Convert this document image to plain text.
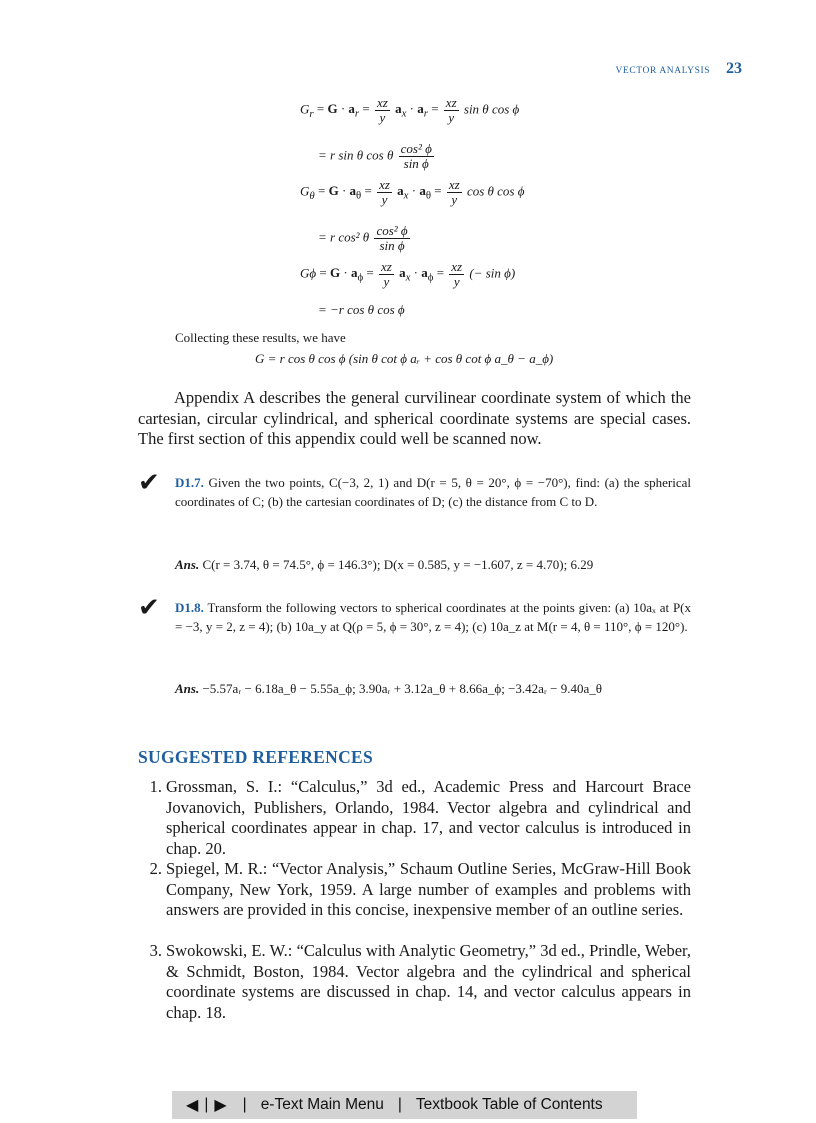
VECTOR ANALYSIS 23
$G_r = G \cdot a_r = \frac{xz}{y} a_x \cdot a_r = \frac{xz}{y}$ sin θ cos ϕ
= r sin θ cos θ $\frac{\text{cos² ϕ}}{\text{sin ϕ}}$
$G_\theta = G \cdot a_\theta = \frac{xz}{y} a_x \cdot a_\theta = \frac{xz}{y}$ cos θ cos ϕ
= r cos² θ $\frac{\text{cos² ϕ}}{\text{sin ϕ}}$
$G\phi = G \cdot a_\phi = \frac{xz}{y} a_x \cdot a_\phi = \frac{xz}{y}$ (− sin ϕ)
= −r cos θ cos ϕ
Collecting these results, we have
G = r cos θ cos ϕ (sin θ cot ϕ aᵣ + cos θ cot ϕ a_θ − a_ϕ)
Appendix A describes the general curvilinear coordinate system of which the cartesian, circular cylindrical, and spherical coordinate systems are special cases. The first section of this appendix could well be scanned now.
✔ D1.7. Given the two points, C(−3, 2, 1) and D(r = 5, θ = 20°, ϕ = −70°), find: (a) the spherical coordinates of C; (b) the cartesian coordinates of D; (c) the distance from C to D.
Ans. C(r = 3.74, θ = 74.5°, ϕ = 146.3°); D(x = 0.585, y = −1.607, z = 4.70); 6.29
✔ D1.8. Transform the following vectors to spherical coordinates at the points given: (a) 10aₓ at P(x = −3, y = 2, z = 4); (b) 10a_y at Q(ρ = 5, ϕ = 30°, z = 4); (c) 10a_z at M(r = 4, θ = 110°, ϕ = 120°).
Ans. −5.57aᵣ − 6.18a_θ − 5.55a_ϕ; 3.90aᵣ + 3.12a_θ + 8.66a_ϕ; −3.42aᵣ − 9.40a_θ
SUGGESTED REFERENCES
1. Grossman, S. I.: “Calculus,” 3d ed., Academic Press and Harcourt Brace Jovanovich, Publishers, Orlando, 1984. Vector algebra and cylindrical and spherical coordinates appear in chap. 17, and vector calculus is introduced in chap. 20.
2. Spiegel, M. R.: “Vector Analysis,” Schaum Outline Series, McGraw-Hill Book Company, New York, 1959. A large number of examples and problems with answers are provided in this concise, inexpensive member of an outline series.
3. Swokowski, E. W.: “Calculus with Analytic Geometry,” 3d ed., Prindle, Weber, & Schmidt, Boston, 1984. Vector algebra and the cylindrical and spherical coordinate systems are discussed in chap. 14, and vector calculus appears in chap. 18.
◀ | ▶	| e-Text Main Menu | Textbook Table of Contents
